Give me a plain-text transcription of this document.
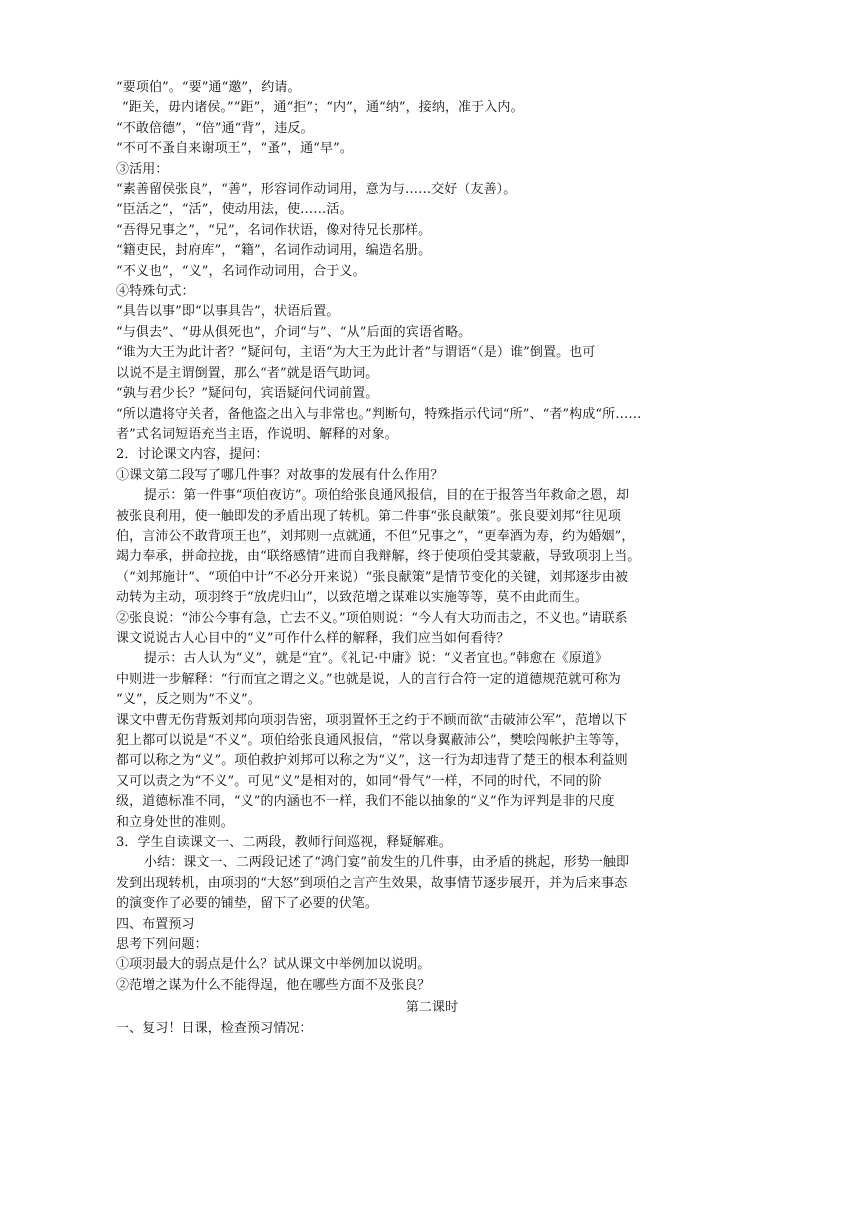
“要项伯”。“要”通“邀”，约请。
“距关，毋内诸侯。”“距”，通“拒”；“内”，通“纳”，接纳，准于入内。
“不敢倍德”，“倍”通“背”，违反。
“不可不蚤自来谢项王”，“蚤”，通“早”。
③活用：
“素善留侯张良”，“善”，形容词作动词用，意为与……交好（友善）。
“臣活之”，“活”，使动用法，使……活。
“吾得兄事之”，“兄”，名词作状语，像对待兄长那样。
“籍吏民，封府库”，“籍”，名词作动词用，编造名册。
“不义也”，“义”，名词作动词用，合于义。
④特殊句式：
“具告以事”即“以事具告”，状语后置。
“与俱去”、“毋从俱死也”，介词“与”、“从”后面的宾语省略。
“谁为大王为此计者？”疑问句，主语“为大王为此计者”与谓语“（是）谁”倒置。也可
以说不是主谓倒置，那么“者”就是语气助词。
“孰与君少长？”疑问句，宾语疑问代词前置。
“所以遣将守关者，备他盗之出入与非常也。”判断句，特殊指示代词“所”、“者”构成“所……
者”式名词短语充当主语，作说明、解释的对象。
2．讨论课文内容，提问：
①课文第二段写了哪几件事？对故事的发展有什么作用？
提示：第一件事“项伯夜访”。项伯给张良通风报信，目的在于报答当年救命之恩，却
被张良利用，使一触即发的矛盾出现了转机。第二件事“张良献策”。张良要刘邦“往见项
伯，言沛公不敢背项王也”，刘邦则一点就通，不但“兄事之”，“更奉酒为寿，约为婚姻”，
竭力奉承，拼命拉拢，由“联络感情”进而自我辩解，终于使项伯受其蒙蔽，导致项羽上当。
（“刘邦施计”、“项伯中计”不必分开来说）“张良献策”是情节变化的关键，刘邦逐步由被
动转为主动，项羽终于“放虎归山”，以致范增之谋难以实施等等，莫不由此而生。
②张良说：“沛公今事有急，亡去不义。”项伯则说：“今人有大功而击之，不义也。”请联系
课文说说古人心目中的“义”可作什么样的解释，我们应当如何看待？
提示：古人认为“义”，就是“宜”。《礼记·中庸》说：“义者宜也。”韩愈在《原道》
中则进一步解释：“行而宜之谓之义。”也就是说，人的言行合符一定的道德规范就可称为
“义”，反之则为“不义”。
课文中曹无伤背叛刘邦向项羽告密，项羽置怀王之约于不顾而欲“击破沛公军”，范增以下
犯上都可以说是“不义”。项伯给张良通风报信，“常以身翼蔽沛公”，樊哙闯帐护主等等，
都可以称之为“义”。项伯救护刘邦可以称之为“义”，这一行为却违背了楚王的根本利益则
又可以责之为“不义”。可见“义”是相对的，如同“骨气”一样，不同的时代，不同的阶
级，道德标准不同，“义”的内涵也不一样，我们不能以抽象的“义”作为评判是非的尺度
和立身处世的准则。
3．学生自读课文一、二两段，教师行间巡视，释疑解难。
小结：课文一、二两段记述了“鸿门宴”前发生的几件事，由矛盾的挑起，形势一触即
发到出现转机，由项羽的“大怒”到项伯之言产生效果，故事情节逐步展开，并为后来事态
的演变作了必要的铺垫，留下了必要的伏笔。
四、布置预习
思考下列问题：
①项羽最大的弱点是什么？试从课文中举例加以说明。
②范增之谋为什么不能得逞，他在哪些方面不及张良？
第二课时
一、复习！日课，检查预习情况：
